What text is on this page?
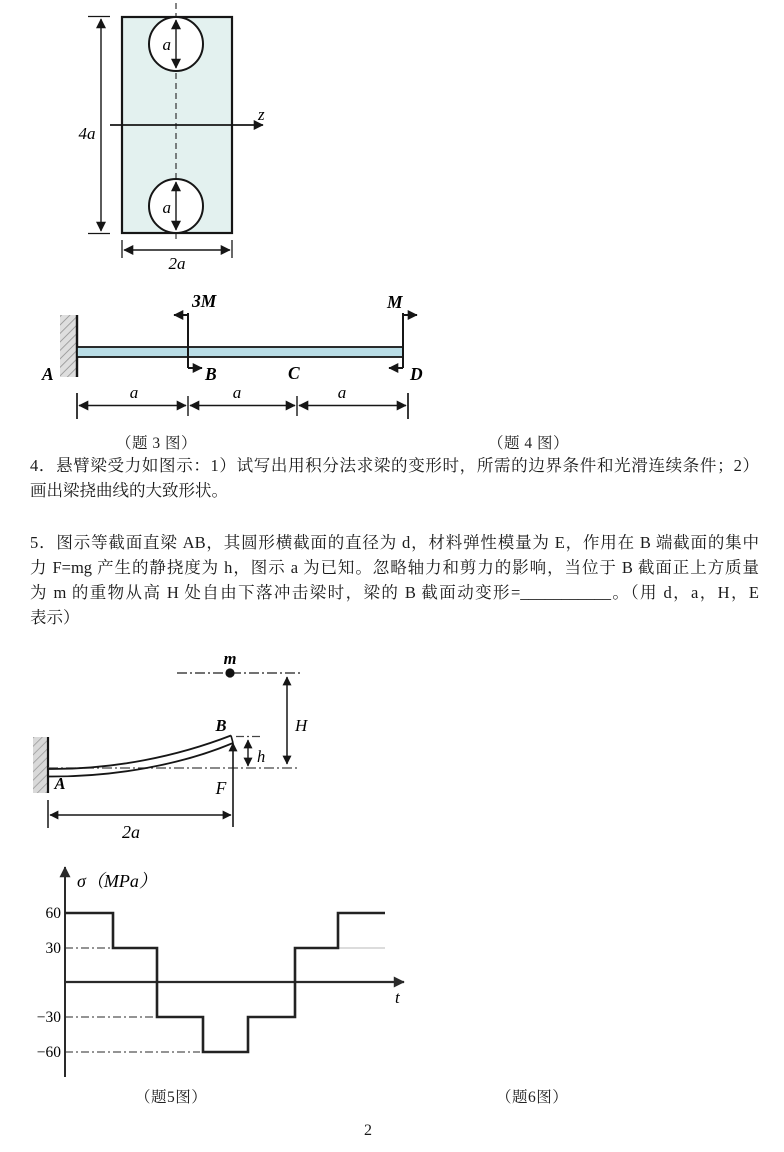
a
a
z
4a
2a
3M	M
A	B	C	D
a	a	a
（题 3 图）	（题 4 图）
4．悬臂梁受力如图示：1）试写出用积分法求梁的变形时，所需的边界条件和光滑连续条件；2）
画出梁挠曲线的大致形状。
5．图示等截面直梁 AB，其圆形横截面的直径为 d，材料弹性模量为 E，作用在 B 端截面的集中
力 F=mg 产生的静挠度为 h，图示 a 为已知。忽略轴力和剪力的影响，当位于 B 截面正上方质量
为 m 的重物从高 H 处自由下落冲击梁时，梁的 B 截面动变形=___________。（用 d，a，H，E
表示）
m
H
B
A
h
F
2a
σ（MPa）
t
60
30
−30
−60
（题5图）	（题6图）
2
